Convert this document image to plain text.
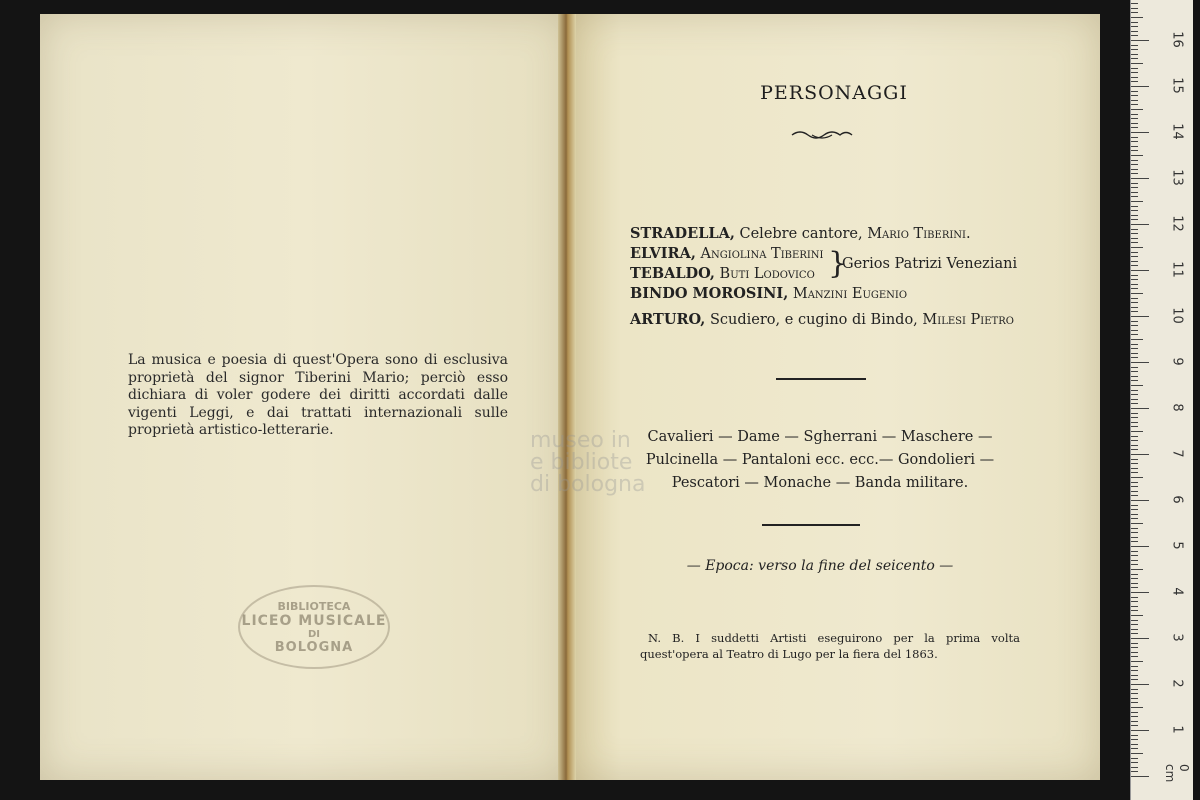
La musica e poesia di quest'Opera sono di esclusiva proprietà del signor Tiberini Mario; perciò esso dichiara di voler godere dei diritti accordati dalle vigenti Leggi, e dai trattati internazionali sulle proprietà artistico-letterarie.
BIBLIOTECA
LICEO MUSICALE
DI
BOLOGNA
museo in
e bibliote
di bologna
PERSONAGGI
STRADELLA, Celebre cantore, Mario Tiberini.
ELVIRA, Angiolina Tiberini
TEBALDO, Buti Lodovico }
Gerios Patrizi Veneziani
BINDO MOROSINI, Manzini Eugenio
ARTURO, Scudiero, e cugino di Bindo, Milesi Pietro
Cavalieri — Dame — Sgherrani — Maschere —
Pulcinella — Pantaloni ecc. ecc.— Gondolieri —
Pescatori — Monache — Banda militare.
— Epoca: verso la fine del seicento —
N. B. I suddetti Artisti eseguirono per la prima volta quest'opera al Teatro di Lugo per la fiera del 1863.
0 cm
1
2
3
4
5
6
7
8
9
10
11
12
13
14
15
16
